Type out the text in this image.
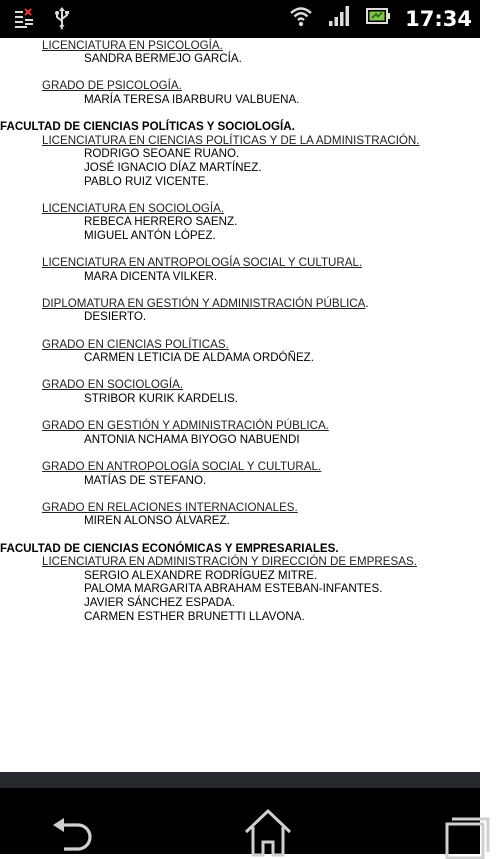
17:34
GISEP CARDERAL SOBERDO Y
LICENCIATURA EN PSICOLOGÍA.
SANDRA BERMEJO GARCÍA.
GRADO DE PSICOLOGÍA.
MARÍA TERESA IBARBURU VALBUENA.
FACULTAD DE CIENCIAS POLÍTICAS Y SOCIOLOGÍA.
LICENCIATURA EN CIENCIAS POLÍTICAS Y DE LA ADMINISTRACIÓN.
RODRIGO SEOANE RUANO.
JOSÉ IGNACIO DÍAZ MARTÍNEZ.
PABLO RUIZ VICENTE.
LICENCIATURA EN SOCIOLOGÍA.
REBECA HERRERO SAENZ.
MIGUEL ANTÓN LÓPEZ.
LICENCIATURA EN ANTROPOLOGÍA SOCIAL Y CULTURAL.
MARA DICENTA VILKER.
DIPLOMATURA EN GESTIÓN Y ADMINISTRACIÓN PÚBLICA.
DESIERTO.
GRADO EN CIENCIAS POLÍTICAS.
CARMEN LETICIA DE ALDAMA ORDÓÑEZ.
GRADO EN SOCIOLOGÍA.
STRIBOR KURIK KARDELIS.
GRADO EN GESTIÓN Y ADMINISTRACIÓN PÚBLICA.
ANTONIA NCHAMA BIYOGO NABUENDI
GRADO EN ANTROPOLOGÍA SOCIAL Y CULTURAL.
MATÍAS DE STEFANO.
GRADO EN RELACIONES INTERNACIONALES.
MIREN ALONSO ÁLVAREZ.
FACULTAD DE CIENCIAS ECONÓMICAS Y EMPRESARIALES.
LICENCIATURA EN ADMINISTRACIÓN Y DIRECCIÓN DE EMPRESAS.
SERGIO ALEXANDRE RODRÍGUEZ MITRE.
PALOMA MARGARITA ABRAHAM ESTEBAN-INFANTES.
JAVIER SÁNCHEZ ESPADA.
CARMEN ESTHER BRUNETTI LLAVONA.
